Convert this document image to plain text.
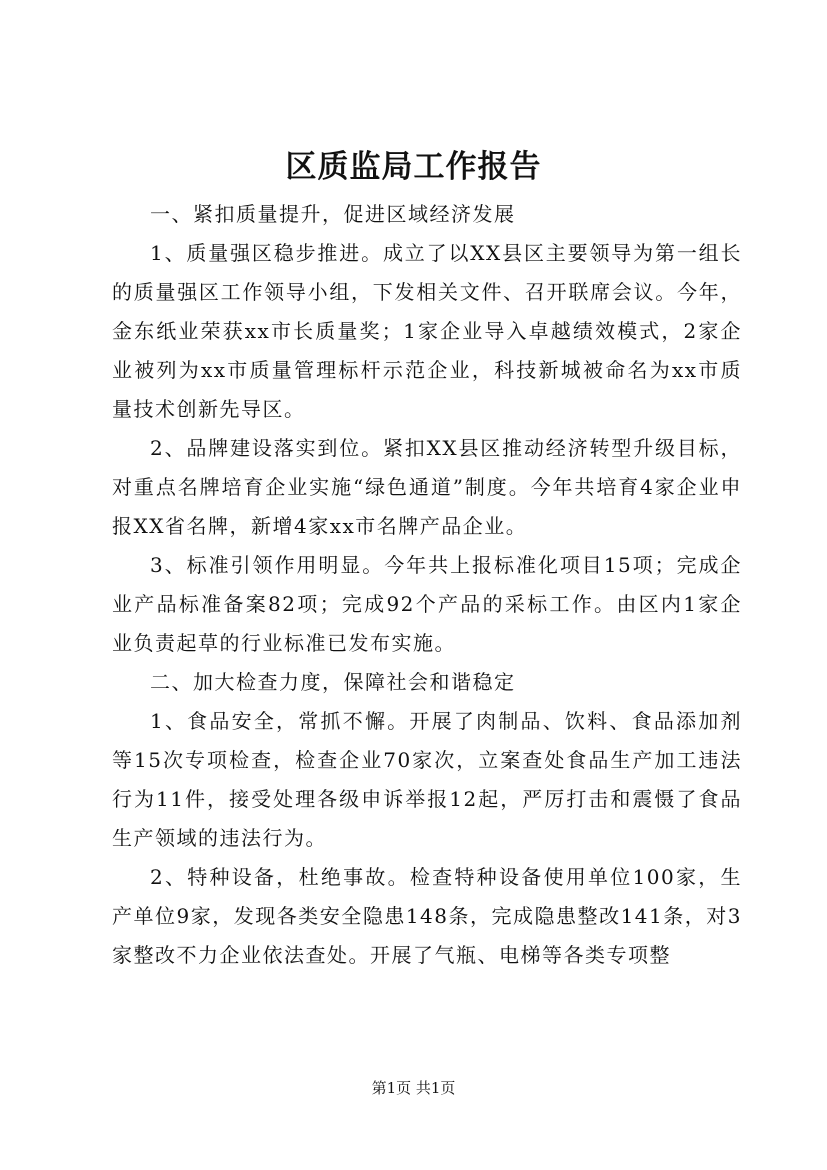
区质监局工作报告

一、紧扣质量提升，促进区域经济发展

1、质量强区稳步推进。成立了以XX县区主要领导为第一组长的质量强区工作领导小组，下发相关文件、召开联席会议。今年，金东纸业荣获xx市长质量奖；1家企业导入卓越绩效模式，2家企业被列为xx市质量管理标杆示范企业，科技新城被命名为xx市质量技术创新先导区。

2、品牌建设落实到位。紧扣XX县区推动经济转型升级目标，对重点名牌培育企业实施“绿色通道”制度。今年共培育4家企业申报XX省名牌，新增4家xx市名牌产品企业。

3、标准引领作用明显。今年共上报标准化项目15项；完成企业产品标准备案82项；完成92个产品的采标工作。由区内1家企业负责起草的行业标准已发布实施。

二、加大检查力度，保障社会和谐稳定

1、食品安全，常抓不懈。开展了肉制品、饮料、食品添加剂等15次专项检查，检查企业70家次，立案查处食品生产加工违法行为11件，接受处理各级申诉举报12起，严厉打击和震慑了食品生产领域的违法行为。

2、特种设备，杜绝事故。检查特种设备使用单位100家，生产单位9家，发现各类安全隐患148条，完成隐患整改141条，对3家整改不力企业依法查处。开展了气瓶、电梯等各类专项整

第1页 共1页
